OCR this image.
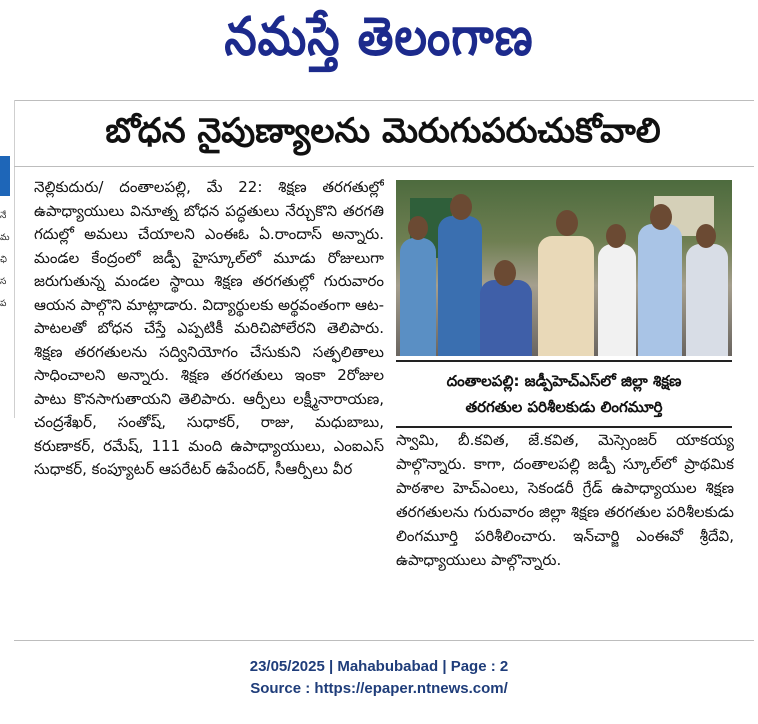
నమస్తే తెలంగాణ
నే
మ
ఛి
స
ప
బోధన నైపుణ్యాలను మెరుగుపరుచుకోవాలి
నెల్లికుదురు/ దంతాలపల్లి, మే 22: శిక్షణ తరగతుల్లో ఉపాధ్యాయులు వినూత్న బోధన పద్ధతులు నేర్చుకొని తరగతి గదుల్లో అమలు చేయాలని ఎంఈఓ ఏ.రాందాస్ అన్నారు. మండల కేంద్రంలో జడ్పీ హైస్కూల్‌లో మూడు రోజులుగా జరుగుతున్న మండల స్థాయి శిక్షణ తరగతుల్లో గురువారం ఆయన పాల్గొని మాట్లాడారు. విద్యార్థులకు అర్థవంతంగా ఆట-పాటలతో బోధన చేస్తే ఎప్పటికీ మరిచిపోలేరని తెలిపారు. శిక్షణ తరగతులను సద్వినియోగం చేసుకుని సత్ఫలితాలు సాధించాలని అన్నారు. శిక్షణ తరగతులు ఇంకా 2రోజుల పాటు కొనసాగుతాయని తెలిపారు. ఆర్పీలు లక్ష్మీనారాయణ, చంద్రశేఖర్, సంతోష్, సుధాకర్, రాజు, మధుబాబు, కరుణాకర్, రమేష్, 111 మంది ఉపాధ్యాయులు, ఎంఐఎస్ సుధాకర్, కంప్యూటర్ ఆపరేటర్ ఉపేందర్, సీఆర్పీలు వీర
దంతాలపల్లి: జడ్పీహెచ్ఎస్‌లో జిల్లా శిక్షణ
తరగతుల పరిశీలకుడు లింగమూర్తి
స్వామి, బీ.కవిత, జే.కవిత, మెస్సెంజర్ యాకయ్య పాల్గొన్నారు. కాగా, దంతాలపల్లి జడ్పీ స్కూల్‌లో ప్రాథమిక పాఠశాల హెచ్ఎంలు, సెకండరీ గ్రేడ్ ఉపాధ్యాయుల శిక్షణ తరగతులను గురువారం జిల్లా శిక్షణ తరగతుల పరిశీలకుడు లింగమూర్తి పరిశీలించారు. ఇన్‌చార్జి ఎంఈవో శ్రీదేవి, ఉపాధ్యాయులు పాల్గొన్నారు.
23/05/2025 | Mahabubabad | Page : 2
Source : https://epaper.ntnews.com/
